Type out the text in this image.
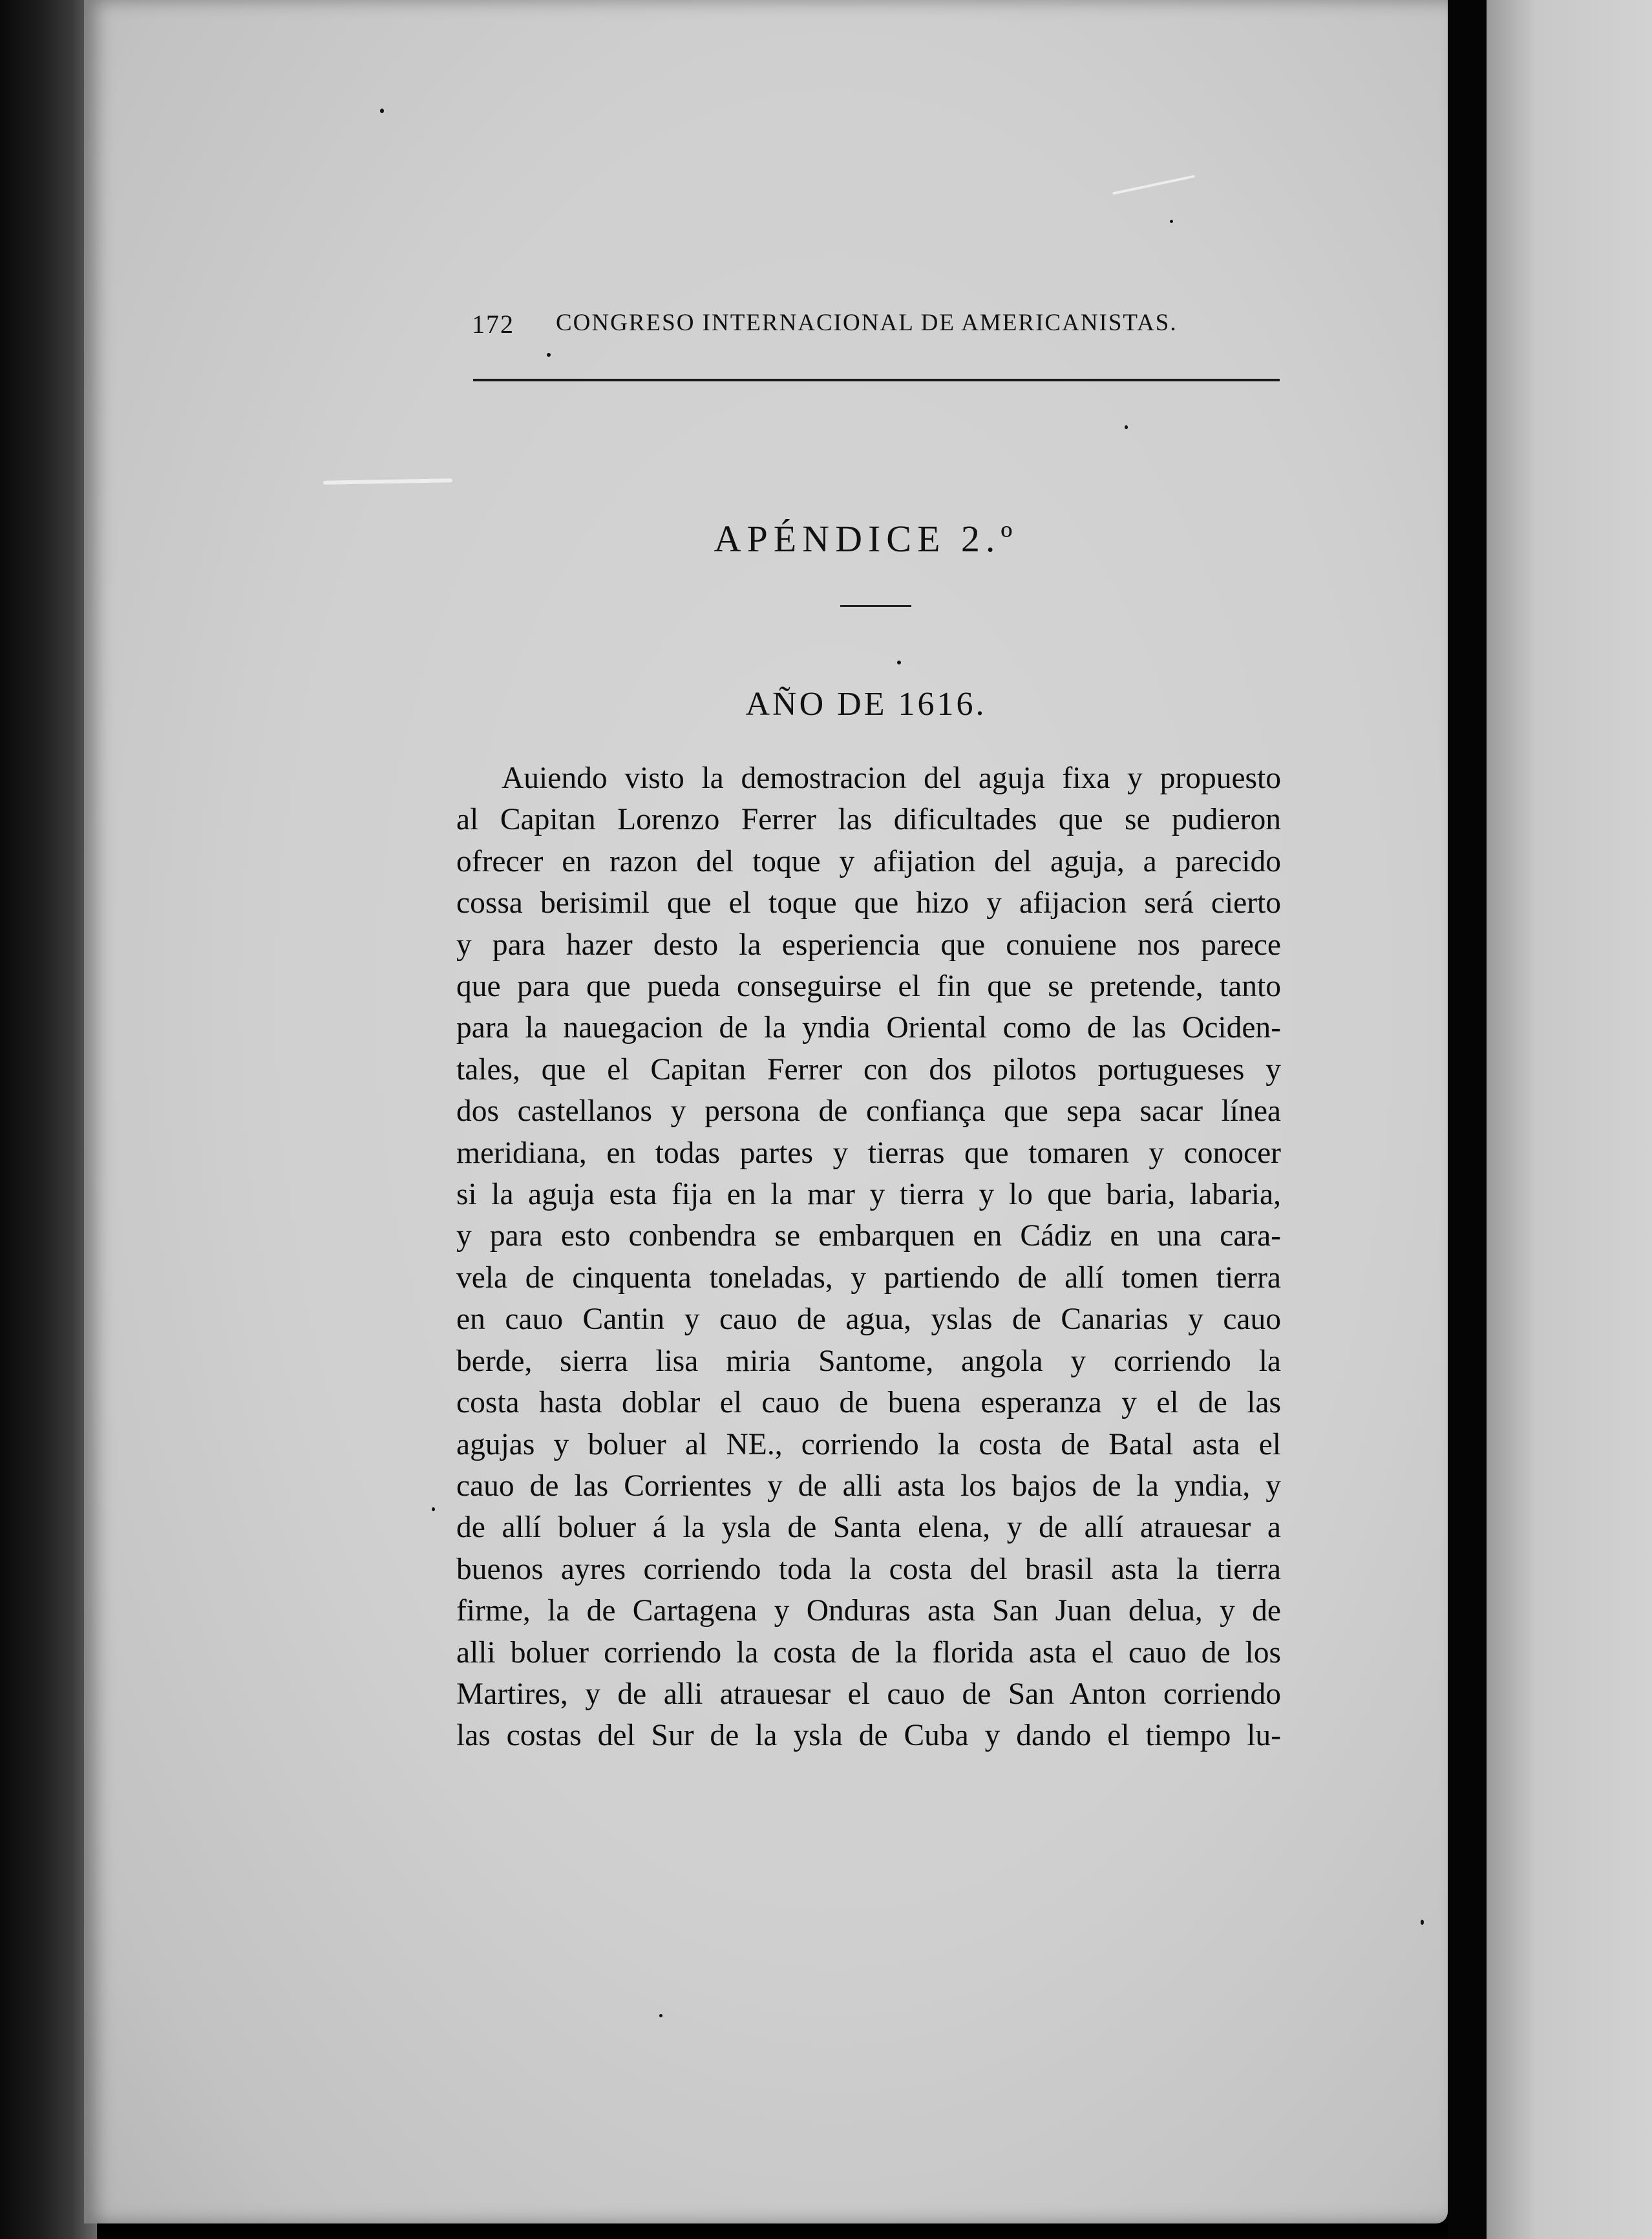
172 CONGRESO INTERNACIONAL DE AMERICANISTAS.
APÉNDICE 2.º
AÑO DE 1616.
Auiendo visto la demostracion del aguja fixa y propuesto
al Capitan Lorenzo Ferrer las dificultades que se pudieron
ofrecer en razon del toque y afijation del aguja, a parecido
cossa berisimil que el toque que hizo y afijacion será cierto
y para hazer desto la esperiencia que conuiene nos parece
que para que pueda conseguirse el fin que se pretende, tanto
para la nauegacion de la yndia Oriental como de las Ociden-
tales, que el Capitan Ferrer con dos pilotos portugueses y
dos castellanos y persona de confiança que sepa sacar línea
meridiana, en todas partes y tierras que tomaren y conocer
si la aguja esta fija en la mar y tierra y lo que baria, labaria,
y para esto conbendra se embarquen en Cádiz en una cara-
vela de cinquenta toneladas, y partiendo de allí tomen tierra
en cauo Cantin y cauo de agua, yslas de Canarias y cauo
berde, sierra lisa miria Santome, angola y corriendo la
costa hasta doblar el cauo de buena esperanza y el de las
agujas y boluer al NE., corriendo la costa de Batal asta el
cauo de las Corrientes y de alli asta los bajos de la yndia, y
de allí boluer á la ysla de Santa elena, y de allí atrauesar a
buenos ayres corriendo toda la costa del brasil asta la tierra
firme, la de Cartagena y Onduras asta San Juan delua, y de
alli boluer corriendo la costa de la florida asta el cauo de los
Martires, y de alli atrauesar el cauo de San Anton corriendo
las costas del Sur de la ysla de Cuba y dando el tiempo lu-
